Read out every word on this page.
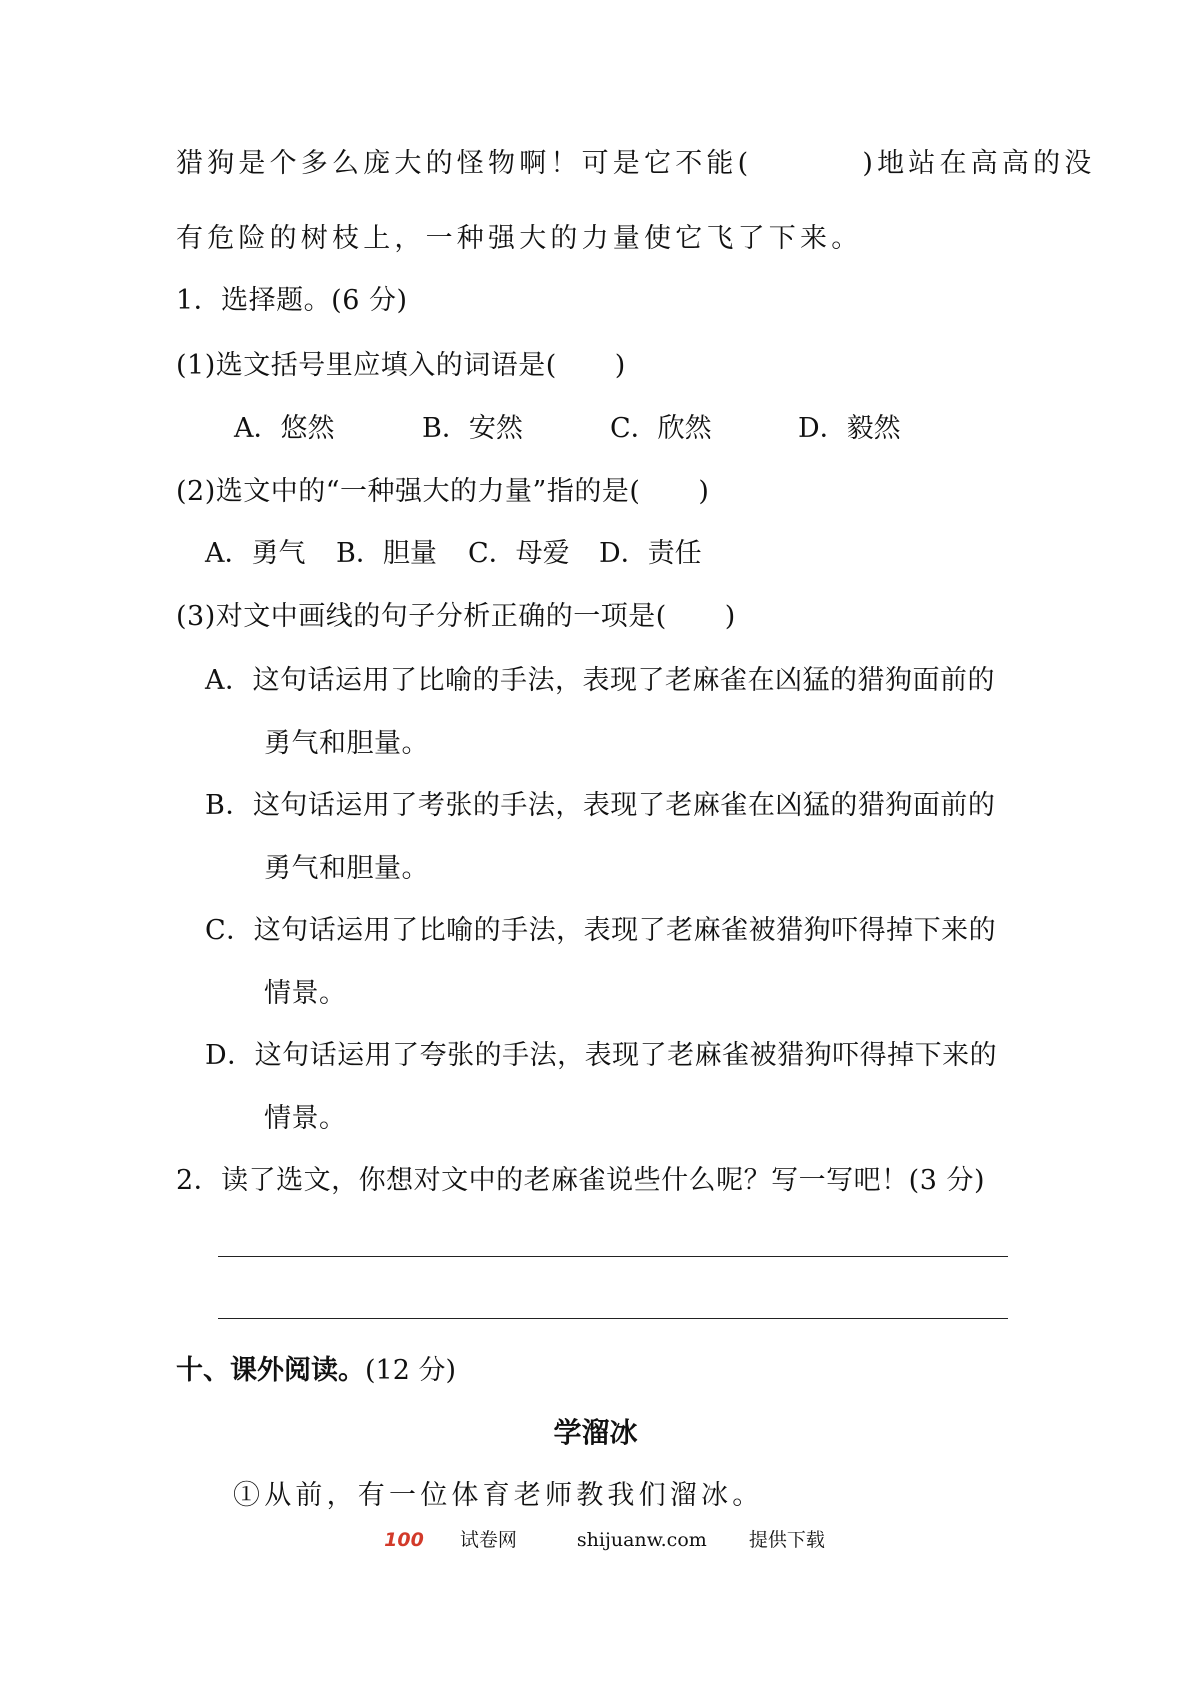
猎狗是个多么庞大的怪物啊！可是它不能(	)地站在高高的没
有危险的树枝上，一种强大的力量使它飞了下来。
1．选择题。(6 分)
(1)选文括号里应填入的词语是( )
A．悠然	B．安然	C．欣然	D．毅然
(2)选文中的“一种强大的力量”指的是( )
A．勇气 B．胆量 C．母爱 D．责任
(3)对文中画线的句子分析正确的一项是( )
A．这句话运用了比喻的手法，表现了老麻雀在凶猛的猎狗面前的
勇气和胆量。
B．这句话运用了考张的手法，表现了老麻雀在凶猛的猎狗面前的
勇气和胆量。
C．这句话运用了比喻的手法，表现了老麻雀被猎狗吓得掉下来的
情景。
D．这句话运用了夸张的手法，表现了老麻雀被猎狗吓得掉下来的
情景。
2．读了选文，你想对文中的老麻雀说些什么呢？写一写吧！(3 分)
十、课外阅读。(12 分)
学溜冰
①从前，有一位体育老师教我们溜冰。
100 试卷网	shijuanw.com 提供下载
